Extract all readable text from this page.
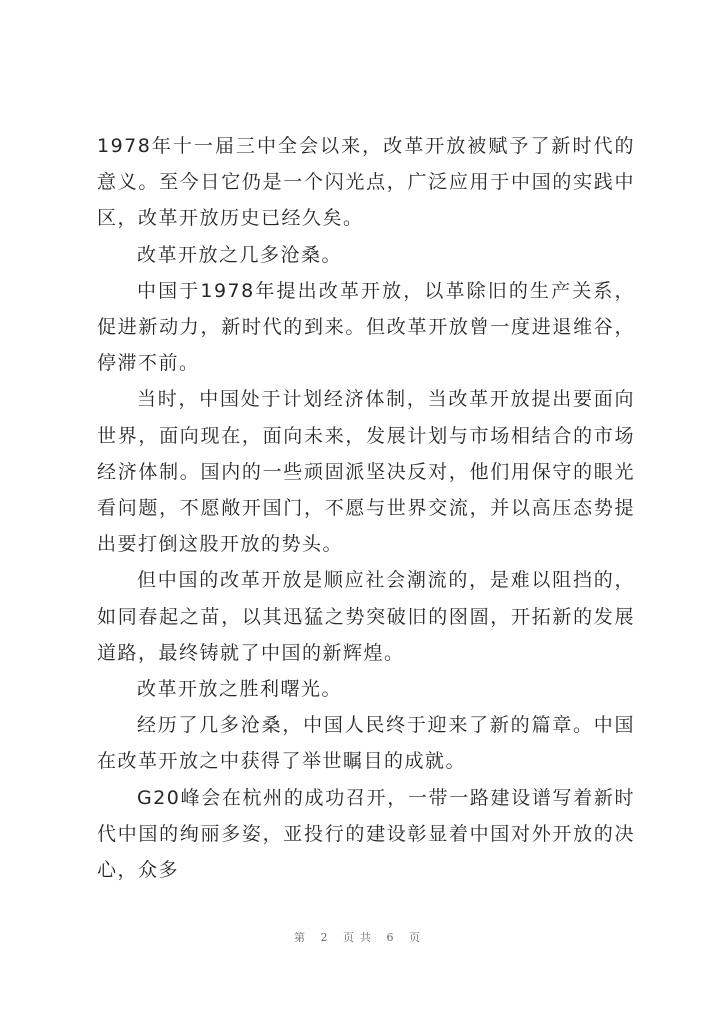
1978年十一届三中全会以来，改革开放被赋予了新时代的意义。至今日它仍是一个闪光点，广泛应用于中国的实践中区，改革开放历史已经久矣。

改革开放之几多沧桑。

中国于1978年提出改革开放，以革除旧的生产关系，促进新动力，新时代的到来。但改革开放曾一度进退维谷，停滞不前。

当时，中国处于计划经济体制，当改革开放提出要面向世界，面向现在，面向未来，发展计划与市场相结合的市场经济体制。国内的一些顽固派坚决反对，他们用保守的眼光看问题，不愿敞开国门，不愿与世界交流，并以高压态势提出要打倒这股开放的势头。

但中国的改革开放是顺应社会潮流的，是难以阻挡的，如同春起之苗，以其迅猛之势突破旧的囹圄，开拓新的发展道路，最终铸就了中国的新辉煌。

改革开放之胜利曙光。

经历了几多沧桑，中国人民终于迎来了新的篇章。中国在改革开放之中获得了举世瞩目的成就。

G20峰会在杭州的成功召开，一带一路建设谱写着新时代中国的绚丽多姿，亚投行的建设彰显着中国对外开放的决心，众多

第 2 页共 6 页
